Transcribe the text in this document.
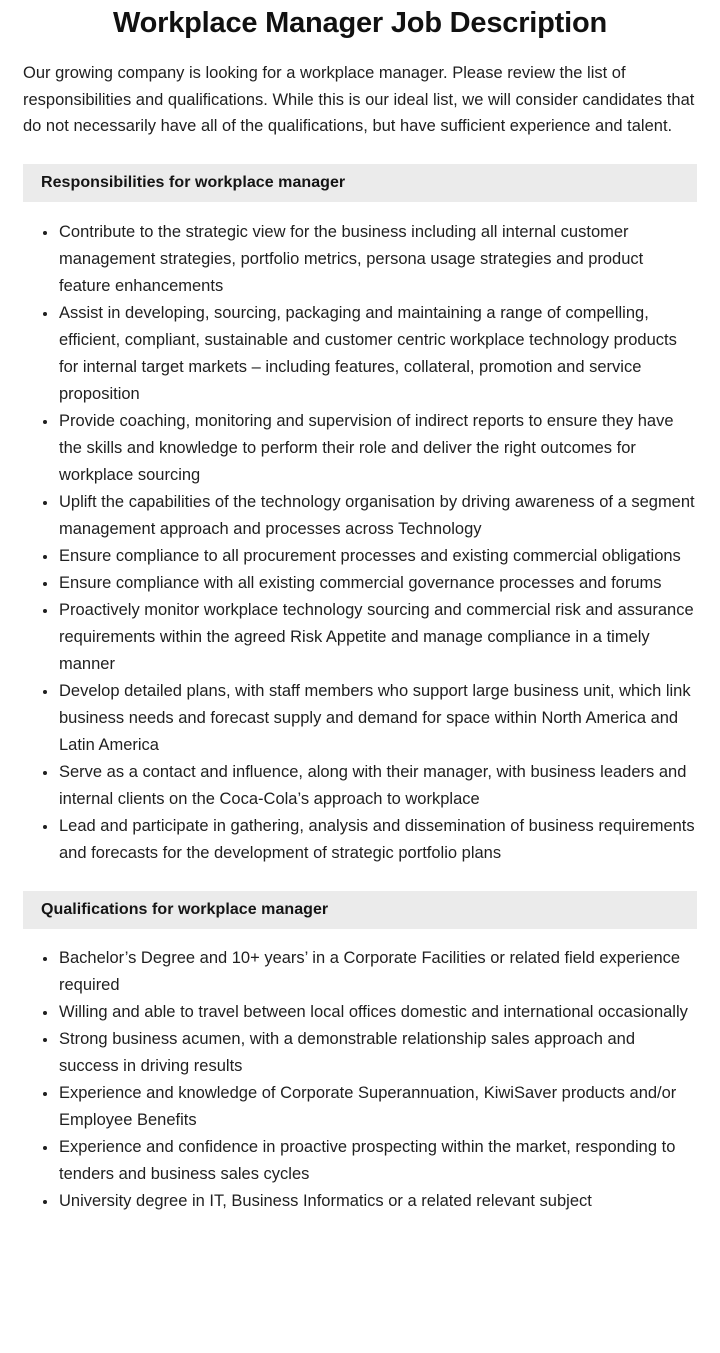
Workplace Manager Job Description

Our growing company is looking for a workplace manager. Please review the list of responsibilities and qualifications. While this is our ideal list, we will consider candidates that do not necessarily have all of the qualifications, but have sufficient experience and talent.

Responsibilities for workplace manager
Contribute to the strategic view for the business including all internal customer management strategies, portfolio metrics, persona usage strategies and product feature enhancements
Assist in developing, sourcing, packaging and maintaining a range of compelling, efficient, compliant, sustainable and customer centric workplace technology products for internal target markets – including features, collateral, promotion and service proposition
Provide coaching, monitoring and supervision of indirect reports to ensure they have the skills and knowledge to perform their role and deliver the right outcomes for workplace sourcing
Uplift the capabilities of the technology organisation by driving awareness of a segment management approach and processes across Technology
Ensure compliance to all procurement processes and existing commercial obligations
Ensure compliance with all existing commercial governance processes and forums
Proactively monitor workplace technology sourcing and commercial risk and assurance requirements within the agreed Risk Appetite and manage compliance in a timely manner
Develop detailed plans, with staff members who support large business unit, which link business needs and forecast supply and demand for space within North America and Latin America
Serve as a contact and influence, along with their manager, with business leaders and internal clients on the Coca-Cola’s approach to workplace
Lead and participate in gathering, analysis and dissemination of business requirements and forecasts for the development of strategic portfolio plans
Qualifications for workplace manager
Bachelor’s Degree and 10+ years’ in a Corporate Facilities or related field experience required
Willing and able to travel between local offices domestic and international occasionally
Strong business acumen, with a demonstrable relationship sales approach and success in driving results
Experience and knowledge of Corporate Superannuation, KiwiSaver products and/or Employee Benefits
Experience and confidence in proactive prospecting within the market, responding to tenders and business sales cycles
University degree in IT, Business Informatics or a related relevant subject
